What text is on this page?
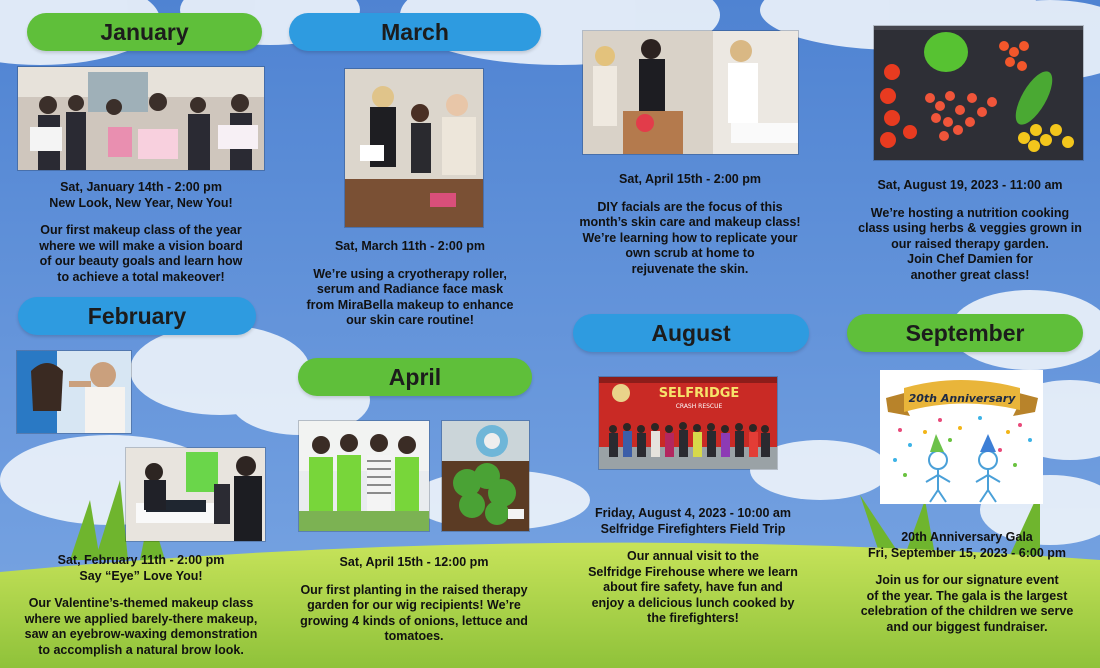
January	March
February
April
August	September
SELFRIDGE
CRASH RESCUE
20th Anniversary

Sat, January 14th - 2:00 pm

New Look, New Year, New You!

Our first makeup class of the year
where we will make a vision board
of our beauty goals and learn how
to achieve a total makeover!

Sat, March 11th - 2:00 pm

We’re using a cryotherapy roller,
serum and Radiance face mask
from MiraBella makeup to enhance
our skin care routine!

Sat, April 15th - 2:00 pm

DIY facials are the focus of this
month’s skin care and makeup class!
We’re learning how to replicate your
own scrub at home to
rejuvenate the skin.

Sat, August 19, 2023 - 11:00 am

We’re hosting a nutrition cooking
class using herbs & veggies grown in
our raised therapy garden.
Join Chef Damien for
another great class!

Sat, February 11th - 2:00 pm

Say “Eye” Love You!

Our Valentine’s-themed makeup class
where we applied barely-there makeup,
saw an eyebrow-waxing demonstration
to accomplish a natural brow look.

Sat, April 15th - 12:00 pm

Our first planting in the raised therapy
garden for our wig recipients! We’re
growing 4 kinds of onions, lettuce and
tomatoes.

Friday, August 4, 2023 - 10:00 am

Selfridge Firefighters Field Trip

Our annual visit to the
Selfridge Firehouse where we learn
about fire safety, have fun and
enjoy a delicious lunch cooked by
the firefighters!

20th Anniversary Gala

Fri, September 15, 2023 - 6:00 pm

Join us for our signature event
of the year. The gala is the largest
celebration of the children we serve
and our biggest fundraiser.
